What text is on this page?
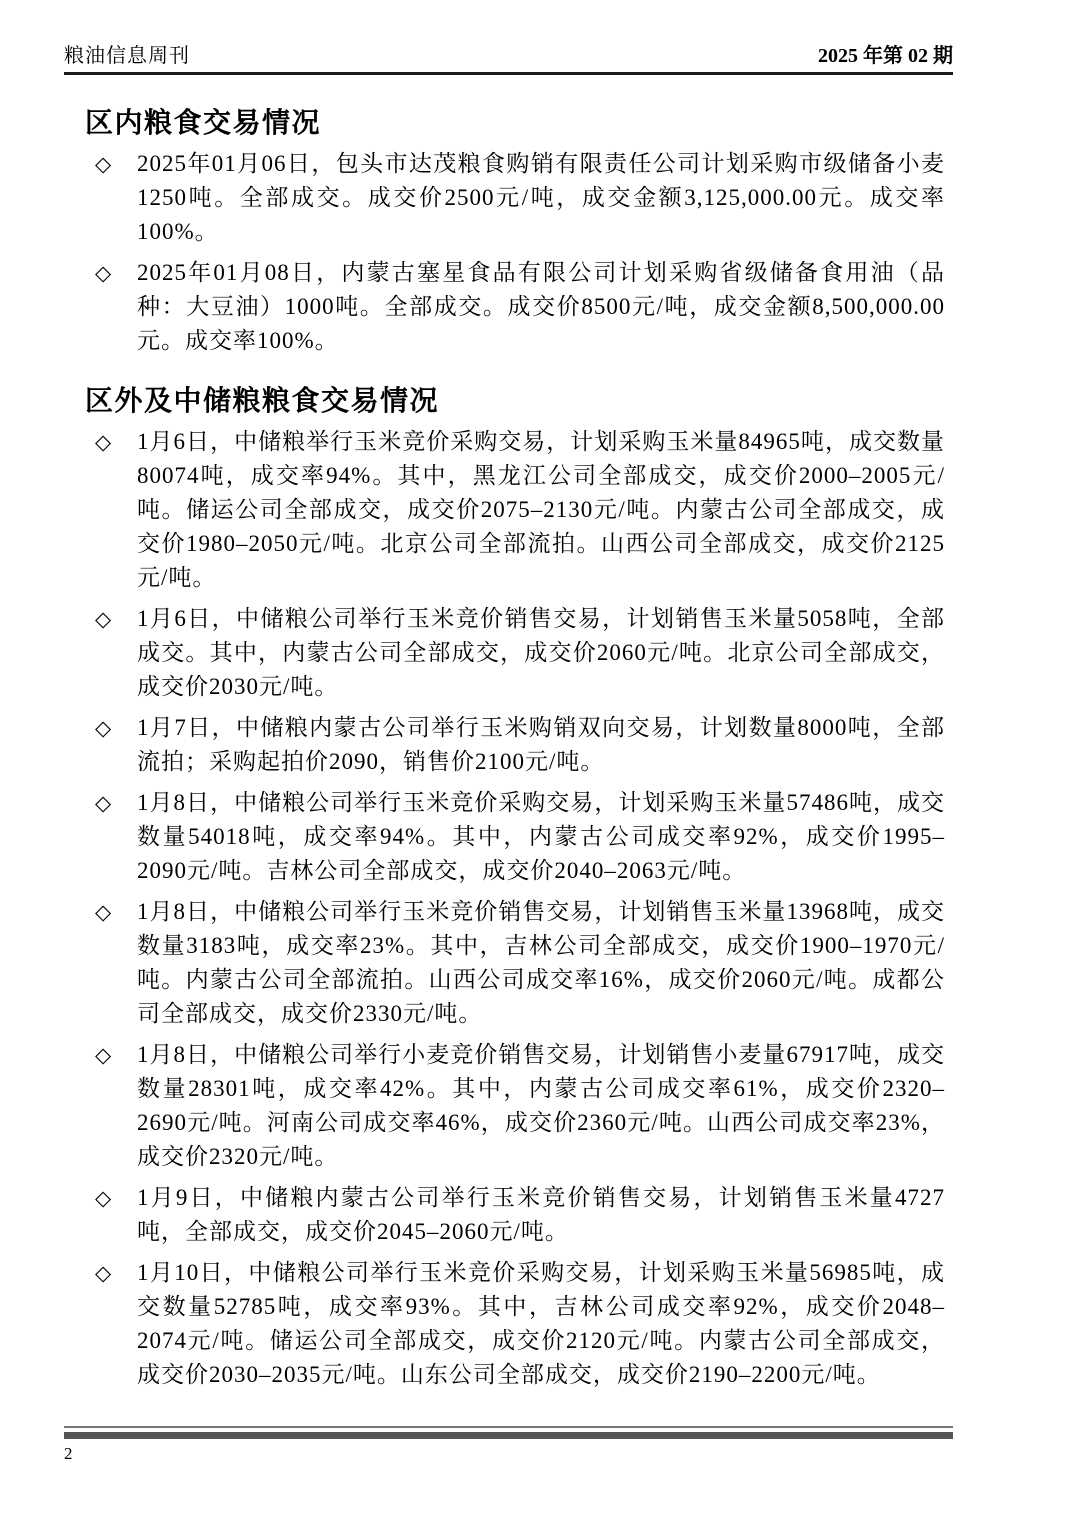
粮油信息周刊	2025 年第 02 期
区内粮食交易情况
◇	2025年01月06日，包头市达茂粮食购销有限责任公司计划采购市级储备小麦1250吨。全部成交。成交价2500元/吨，成交金额3,125,000.00元。成交率100%。
◇	2025年01月08日，内蒙古塞星食品有限公司计划采购省级储备食用油（品种：大豆油）1000吨。全部成交。成交价8500元/吨，成交金额8,500,000.00元。成交率100%。
区外及中储粮粮食交易情况
◇	1月6日，中储粮举行玉米竞价采购交易，计划采购玉米量84965吨，成交数量80074吨，成交率94%。其中，黑龙江公司全部成交，成交价2000–2005元/吨。储运公司全部成交，成交价2075–2130元/吨。内蒙古公司全部成交，成交价1980–2050元/吨。北京公司全部流拍。山西公司全部成交，成交价2125元/吨。
◇	1月6日，中储粮公司举行玉米竞价销售交易，计划销售玉米量5058吨，全部成交。其中，内蒙古公司全部成交，成交价2060元/吨。北京公司全部成交，成交价2030元/吨。
◇	1月7日，中储粮内蒙古公司举行玉米购销双向交易，计划数量8000吨，全部流拍；采购起拍价2090，销售价2100元/吨。
◇	1月8日，中储粮公司举行玉米竞价采购交易，计划采购玉米量57486吨，成交数量54018吨，成交率94%。其中，内蒙古公司成交率92%，成交价1995–2090元/吨。吉林公司全部成交，成交价2040–2063元/吨。
◇	1月8日，中储粮公司举行玉米竞价销售交易，计划销售玉米量13968吨，成交数量3183吨，成交率23%。其中，吉林公司全部成交，成交价1900–1970元/吨。内蒙古公司全部流拍。山西公司成交率16%，成交价2060元/吨。成都公司全部成交，成交价2330元/吨。
◇	1月8日，中储粮公司举行小麦竞价销售交易，计划销售小麦量67917吨，成交数量28301吨，成交率42%。其中，内蒙古公司成交率61%，成交价2320–2690元/吨。河南公司成交率46%，成交价2360元/吨。山西公司成交率23%，成交价2320元/吨。
◇	1月9日，中储粮内蒙古公司举行玉米竞价销售交易，计划销售玉米量4727吨，全部成交，成交价2045–2060元/吨。
◇	1月10日，中储粮公司举行玉米竞价采购交易，计划采购玉米量56985吨，成交数量52785吨，成交率93%。其中，吉林公司成交率92%，成交价2048–2074元/吨。储运公司全部成交，成交价2120元/吨。内蒙古公司全部成交，成交价2030–2035元/吨。山东公司全部成交，成交价2190–2200元/吨。
2
